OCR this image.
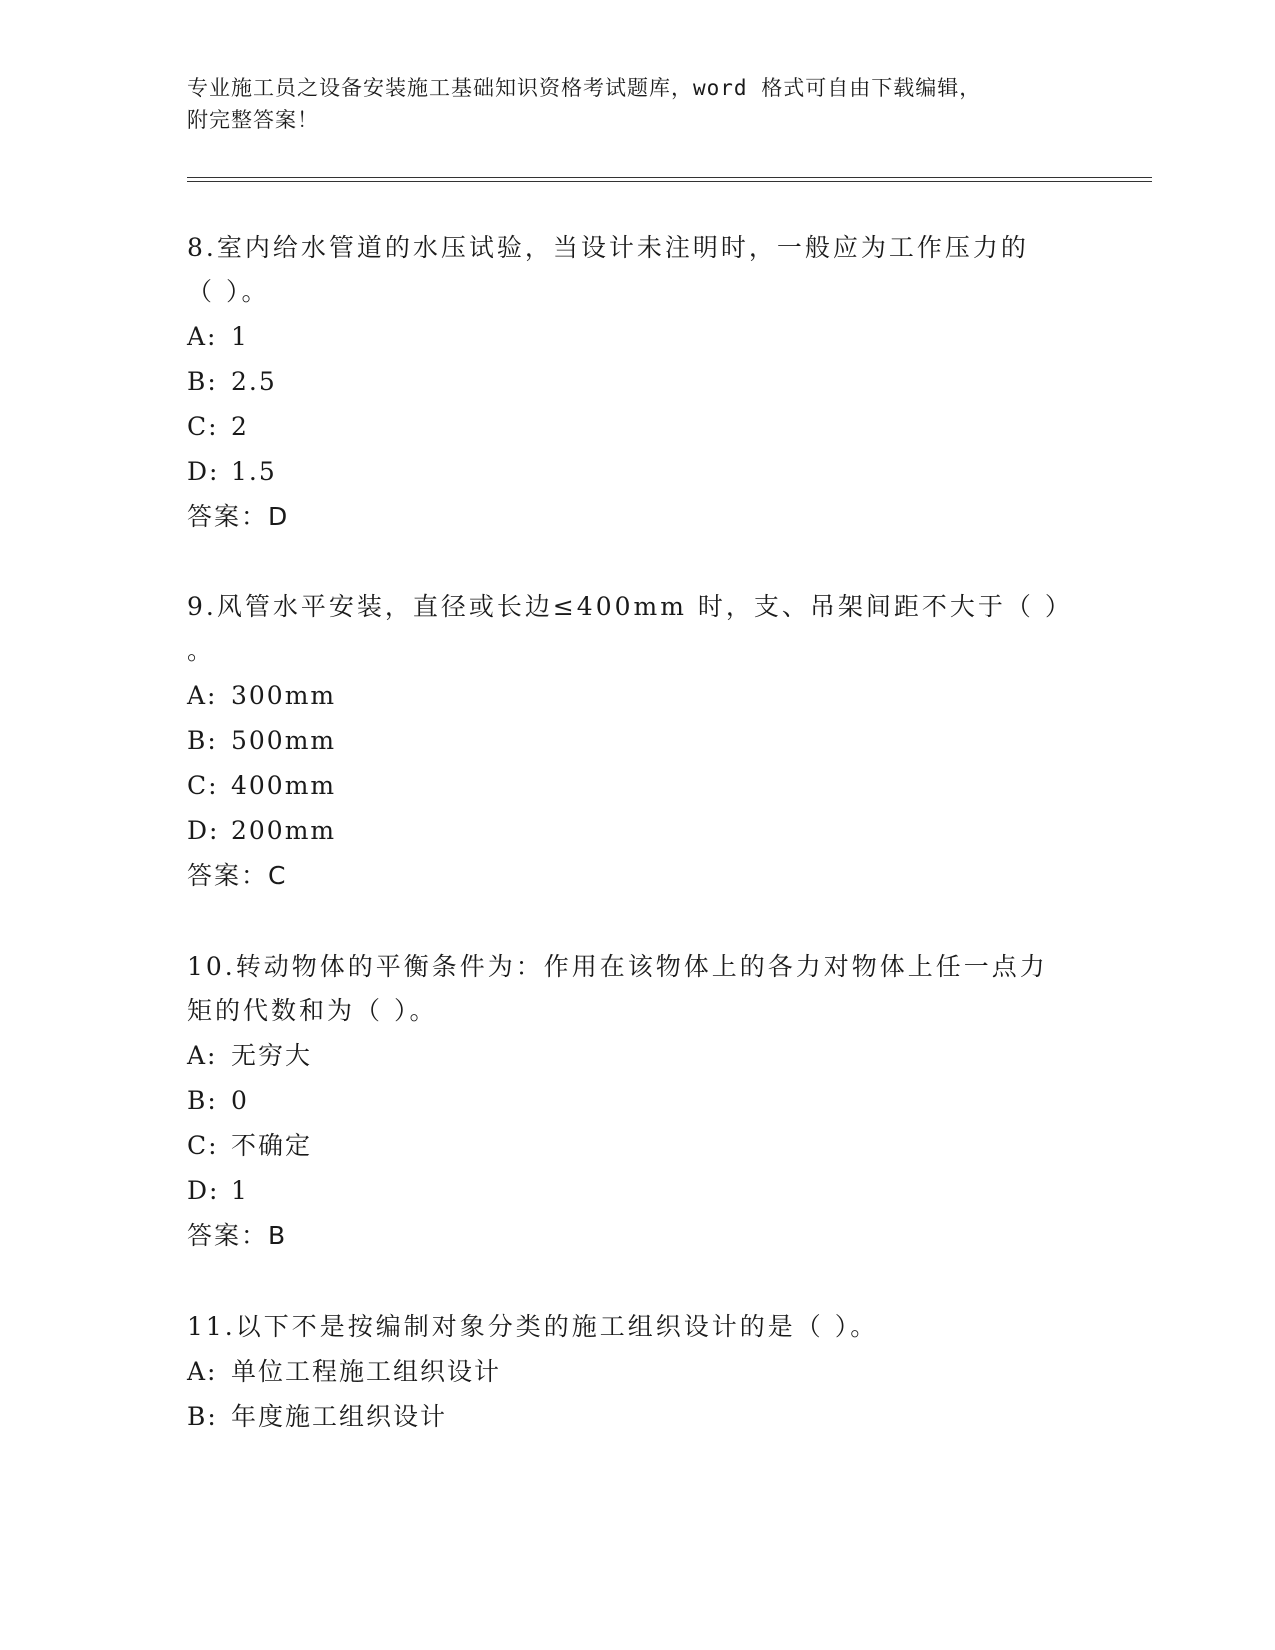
专业施工员之设备安装施工基础知识资格考试题库，word 格式可自由下载编辑，
附完整答案！

8.室内给水管道的水压试验，当设计未注明时，一般应为工作压力的

（ ）。

A: 1

B: 2.5

C: 2

D: 1.5

答案：D

9.风管水平安装，直径或长边≤400mm 时，支、吊架间距不大于（ ）

。

A: 300mm

B: 500mm

C: 400mm

D: 200mm

答案：C

10.转动物体的平衡条件为：作用在该物体上的各力对物体上任一点力

矩的代数和为（ ）。

A: 无穷大

B: 0

C: 不确定

D: 1

答案：B

11.以下不是按编制对象分类的施工组织设计的是（ ）。

A: 单位工程施工组织设计

B: 年度施工组织设计
